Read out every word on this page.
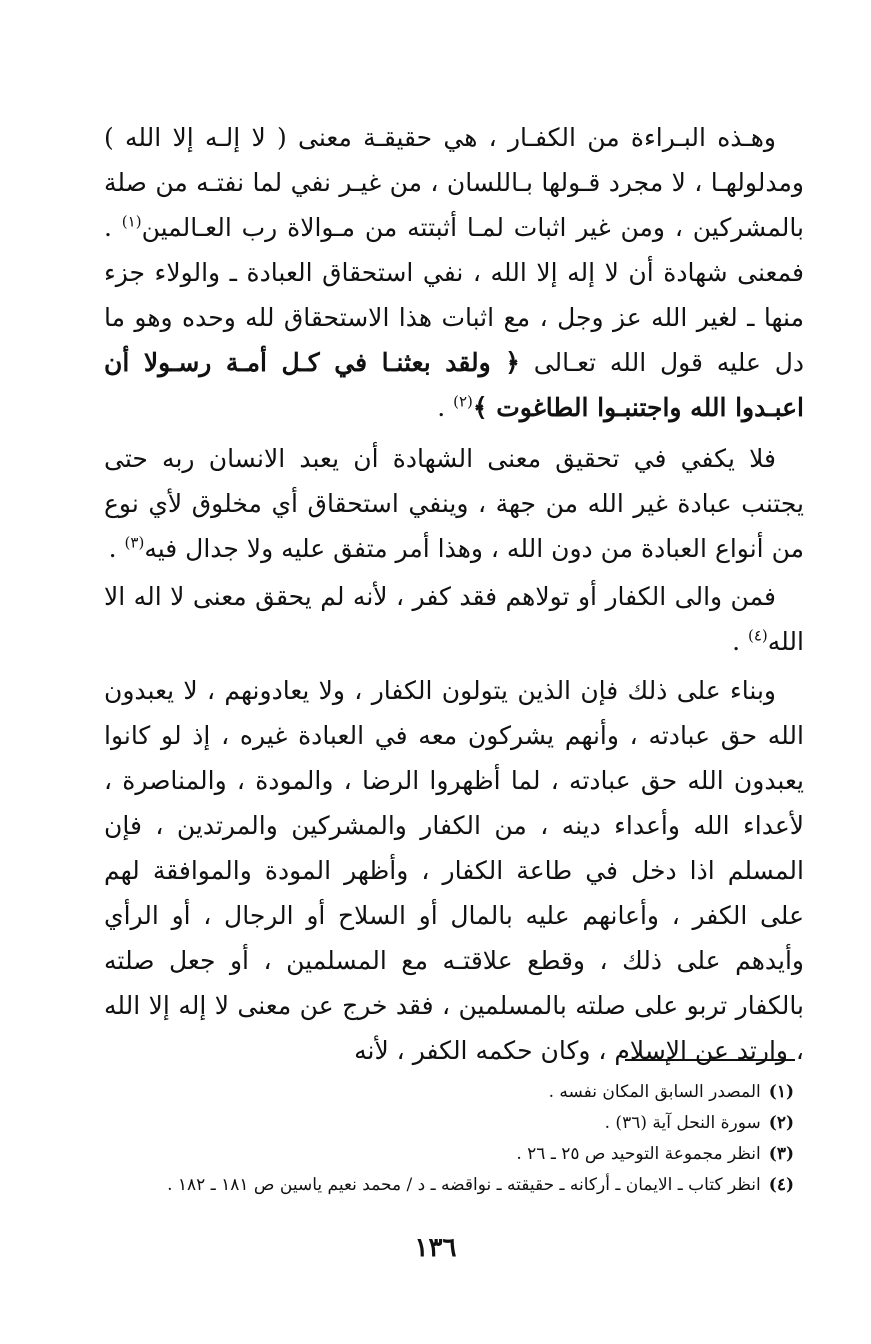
وهـذه البـراءة من الكفـار ، هي حقيقـة معنى ( لا إلـه إلا الله ) ومدلولهـا ، لا مجرد قـولها بـاللسان ، من غيـر نفي لما نفتـه من صلة بالمشركين ، ومن غير اثبات لمـا أثبتته من مـوالاة رب العـالمين$^{(١)}$ . فمعنى شهادة أن لا إله إلا الله ، نفي استحقاق العبادة ـ والولاء جزء منها ـ لغير الله عز وجل ، مع اثبات هذا الاستحقاق لله وحده وهو ما دل عليه قول الله تعـالى ﴿ ولقد بعثنـا في كـل أمـة رسـولا أن اعبـدوا الله واجتنبـوا الطاغوت ﴾$^{(٢)}$ .

فلا يكفي في تحقيق معنى الشهادة أن يعبد الانسان ربه حتى يجتنب عبادة غير الله من جهة ، وينفي استحقاق أي مخلوق لأي نوع من أنواع العبادة من دون الله ، وهذا أمر متفق عليه ولا جدال فيه$^{(٣)}$ .

فمن والى الكفار أو تولاهم فقد كفر ، لأنه لم يحقق معنى لا اله الا الله$^{(٤)}$ .

وبناء على ذلك فإن الذين يتولون الكفار ، ولا يعادونهم ، لا يعبدون الله حق عبادته ، وأنهم يشركون معه في العبادة غيره ، إذ لو كانوا يعبدون الله حق عبادته ، لما أظهروا الرضا ، والمودة ، والمناصرة ، لأعداء الله وأعداء دينه ، من الكفار والمشركين والمرتدين ، فإن المسلم اذا دخل في طاعة الكفار ، وأظهر المودة والموافقة لهم على الكفر ، وأعانهم عليه بالمال أو السلاح أو الرجال ، أو الرأي وأيدهم على ذلك ، وقطع علاقتـه مع المسلمين ، أو جعل صلته بالكفار تربو على صلته بالمسلمين ، فقد خرج عن معنى لا إله إلا الله ، وارتد عن الإسلام ، وكان حكمه الكفر ، لأنه

(١)المصدر السابق المكان نفسه .

(٢)سورة النحل آية (٣٦) .

(٣)انظر مجموعة التوحيد ص ٢٥ ـ ٢٦ .

(٤)انظر كتاب ـ الايمان ـ أركانه ـ حقيقته ـ نواقضه ـ د / محمد نعيم ياسين ص ١٨١ ـ ١٨٢ .

١٣٦
